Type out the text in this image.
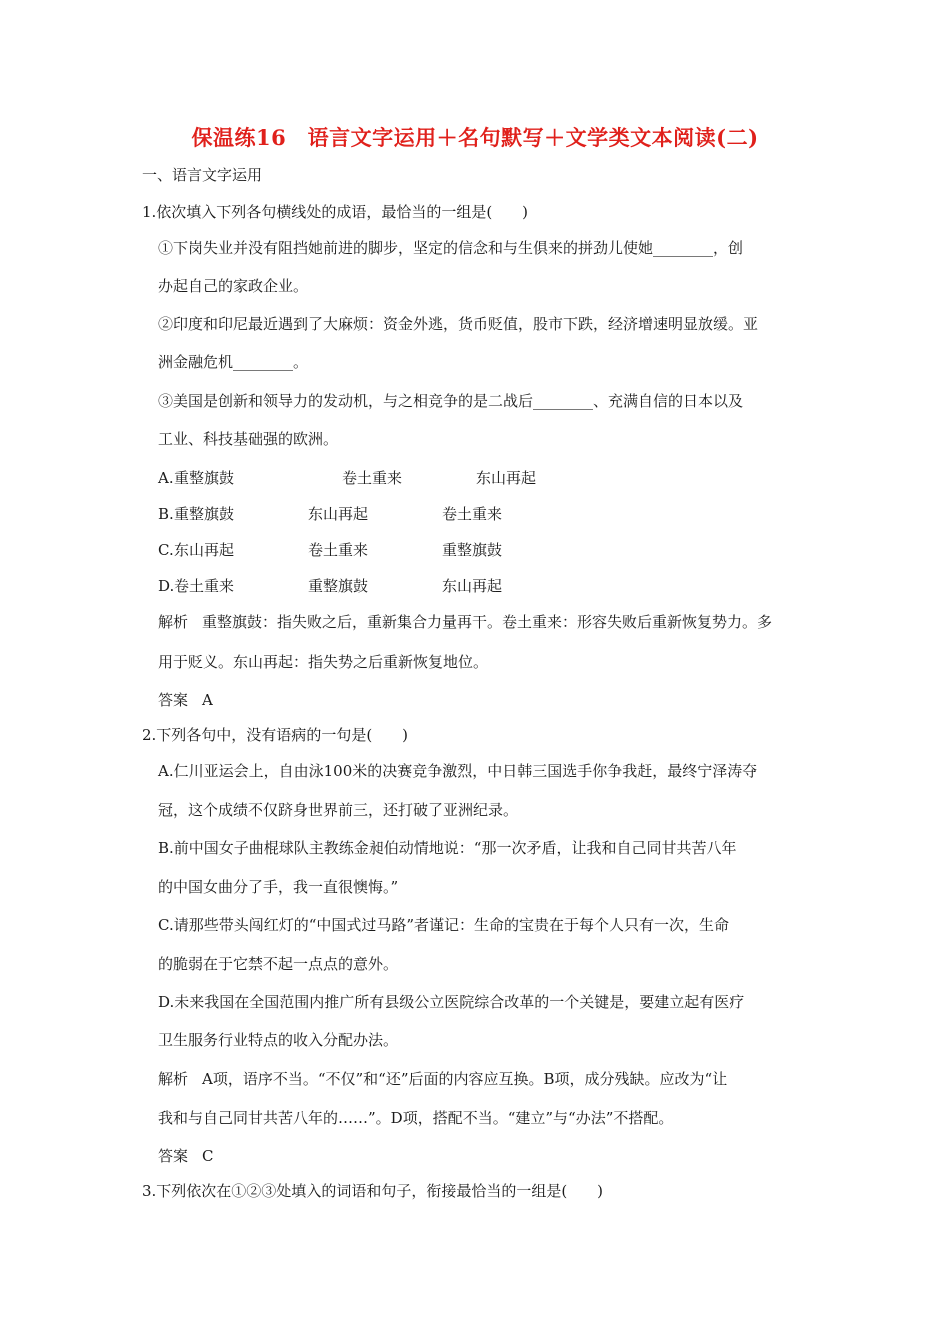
保温练16　语言文字运用＋名句默写＋文学类文本阅读(二)
一、语言文字运用
1.依次填入下列各句横线处的成语，最恰当的一组是(　　)
①下岗失业并没有阻挡她前进的脚步，坚定的信念和与生俱来的拼劲儿使她________，创
办起自己的家政企业。
②印度和印尼最近遇到了大麻烦：资金外逃，货币贬值，股市下跌，经济增速明显放缓。亚
洲金融危机________。
③美国是创新和领导力的发动机，与之相竞争的是二战后________、充满自信的日本以及
工业、科技基础强的欧洲。
A.重整旗鼓	卷土重来	东山再起
B.重整旗鼓	东山再起	卷土重来
C.东山再起	卷土重来	重整旗鼓
D.卷土重来	重整旗鼓	东山再起
解析 重整旗鼓：指失败之后，重新集合力量再干。卷土重来：形容失败后重新恢复势力。多
用于贬义。东山再起：指失势之后重新恢复地位。
答案 A
2.下列各句中，没有语病的一句是(　　)
A.仁川亚运会上，自由泳100米的决赛竞争激烈，中日韩三国选手你争我赶，最终宁泽涛夺
冠，这个成绩不仅跻身世界前三，还打破了亚洲纪录。
B.前中国女子曲棍球队主教练金昶伯动情地说：“那一次矛盾，让我和自己同甘共苦八年
的中国女曲分了手，我一直很懊悔。”
C.请那些带头闯红灯的“中国式过马路”者谨记：生命的宝贵在于每个人只有一次，生命
的脆弱在于它禁不起一点点的意外。
D.未来我国在全国范围内推广所有县级公立医院综合改革的一个关键是，要建立起有医疗
卫生服务行业特点的收入分配办法。
解析 A项，语序不当。“不仅”和“还”后面的内容应互换。B项，成分残缺。应改为“让
我和与自己同甘共苦八年的……”。D项，搭配不当。“建立”与“办法”不搭配。
答案 C
3.下列依次在①②③处填入的词语和句子，衔接最恰当的一组是(　　)
